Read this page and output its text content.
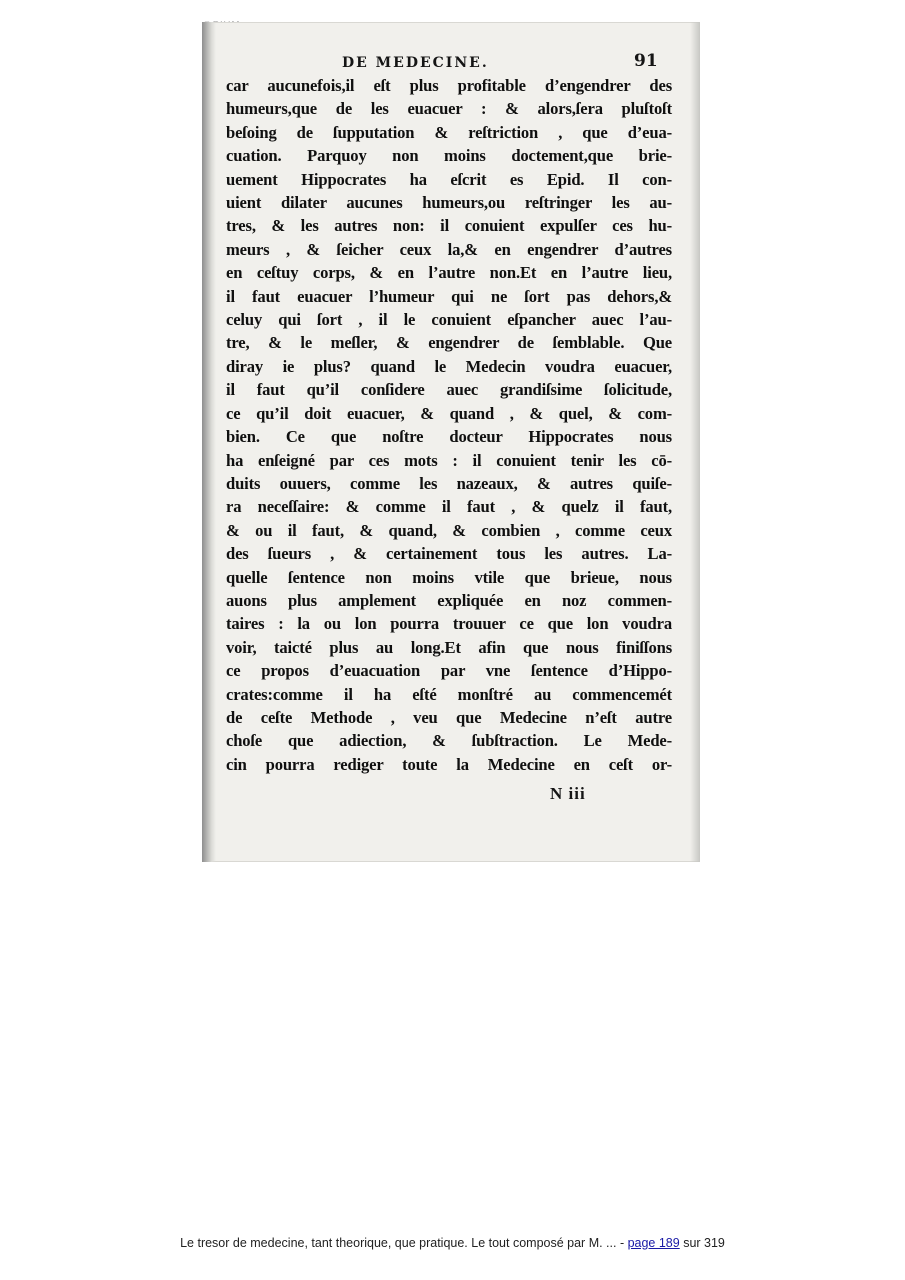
DE MEDECINE.	91
car aucunefois,il eſt plus profitable d’engendrer des
humeurs,que de les euacuer : & alors,ſera pluſtoſt
beſoing de ſupputation & reſtriction , que d’eua-
cuation. Parquoy non moins doctement,que brie-
uement Hippocrates ha eſcrit es Epid. Il con-
uient dilater aucunes humeurs,ou reſtringer les au-
tres, & les autres non: il conuient expulſer ces hu-
meurs , & ſeicher ceux la,& en engendrer d’autres
en ceſtuy corps, & en l’autre non.Et en l’autre lieu,
il faut euacuer l’humeur qui ne ſort pas dehors,&
celuy qui ſort , il le conuient eſpancher auec l’au-
tre, & le meſler, & engendrer de ſemblable. Que
diray ie plus? quand le Medecin voudra euacuer,
il faut qu’il conſidere auec grandiſsime ſolicitude,
ce qu’il doit euacuer, & quand , & quel, & com-
bien. Ce que noſtre docteur Hippocrates nous
ha enſeigné par ces mots : il conuient tenir les cō-
duits ouuers, comme les nazeaux, & autres quiſe-
ra neceſſaire: & comme il faut , & quelz il faut,
& ou il faut, & quand, & combien , comme ceux
des ſueurs , & certainement tous les autres. La-
quelle ſentence non moins vtile que brieue, nous
auons plus amplement expliquée en noz commen-
taires : la ou lon pourra trouuer ce que lon voudra
voir, taicté plus au long.Et afin que nous finiſſons
ce propos d’euacuation par vne ſentence d’Hippo-
crates:comme il ha eſté monſtré au commencemét
de ceſte Methode , veu que Medecine n’eſt autre
choſe que adiection, & ſubſtraction. Le Mede-
cin pourra rediger toute la Medecine en ceſt or-
N iii
Le tresor de medecine, tant theorique, que pratique. Le tout composé par M. ... - page 189 sur 319
